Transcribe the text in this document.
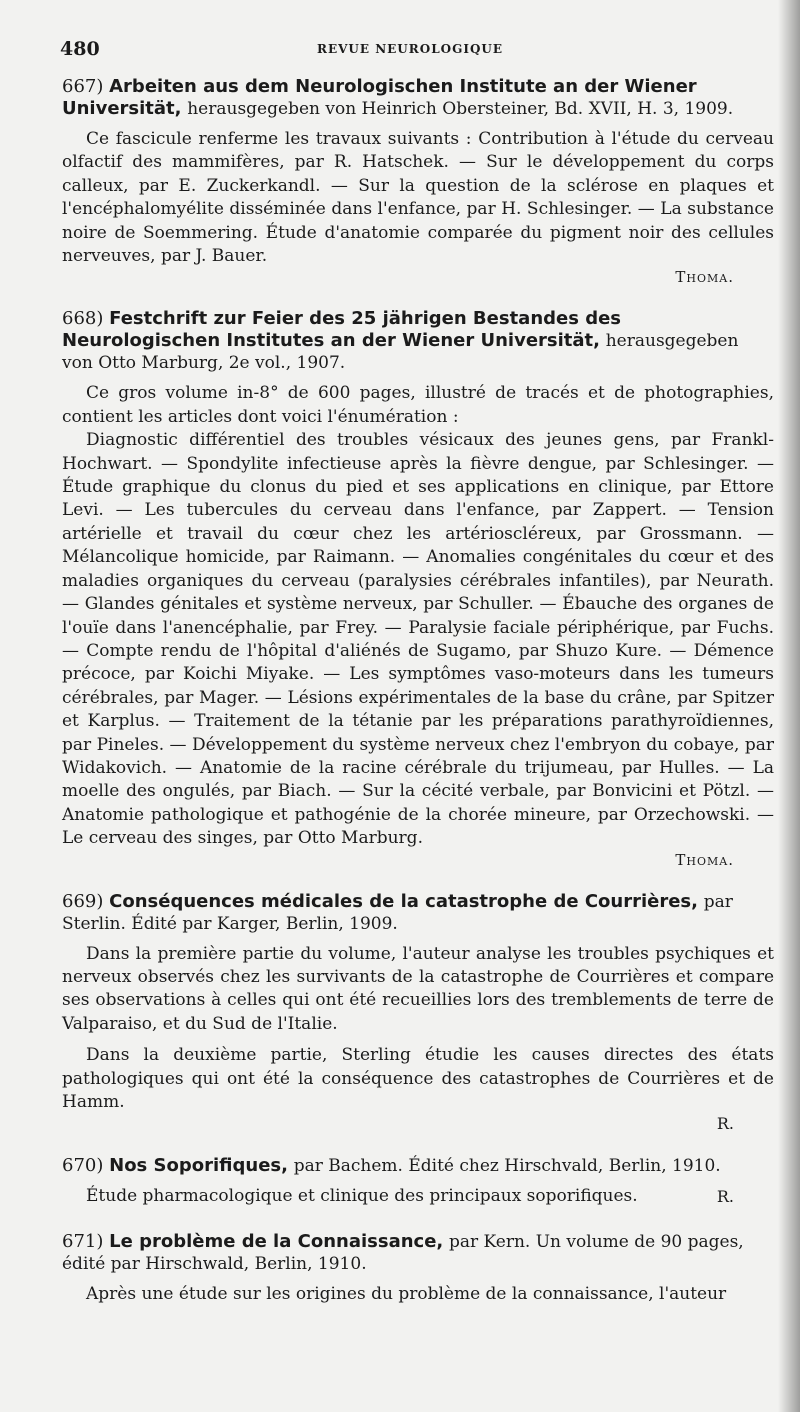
480	REVUE NEUROLOGIQUE
667) Arbeiten aus dem Neurologischen Institute an der Wiener Universität, herausgegeben von Heinrich Obersteiner, Bd. XVII, H. 3, 1909.

Ce fascicule renferme les travaux suivants : Contribution à l'étude du cerveau olfactif des mammifères, par R. Hatschek. — Sur le développement du corps calleux, par E. Zuckerkandl. — Sur la question de la sclérose en plaques et l'encéphalomyélite disséminée dans l'enfance, par H. Schlesinger. — La substance noire de Soemmering. Étude d'anatomie comparée du pigment noir des cellules nerveuves, par J. Bauer.

Thoma.

668) Festchrift zur Feier des 25 jährigen Bestandes des Neurologischen Institutes an der Wiener Universität, herausgegeben von Otto Marburg, 2e vol., 1907.

Ce gros volume in-8° de 600 pages, illustré de tracés et de photographies, contient les articles dont voici l'énumération :

Diagnostic différentiel des troubles vésicaux des jeunes gens, par Frankl-Hochwart. — Spondylite infectieuse après la fièvre dengue, par Schlesinger. — Étude graphique du clonus du pied et ses applications en clinique, par Ettore Levi. — Les tubercules du cerveau dans l'enfance, par Zappert. — Tension artérielle et travail du cœur chez les artérioscléreux, par Grossmann. — Mélancolique homicide, par Raimann. — Anomalies congénitales du cœur et des maladies organiques du cerveau (paralysies cérébrales infantiles), par Neurath. — Glandes génitales et système nerveux, par Schuller. — Ébauche des organes de l'ouïe dans l'anencéphalie, par Frey. — Paralysie faciale périphérique, par Fuchs. — Compte rendu de l'hôpital d'aliénés de Sugamo, par Shuzo Kure. — Démence précoce, par Koichi Miyake. — Les symptômes vaso-moteurs dans les tumeurs cérébrales, par Mager. — Lésions expérimentales de la base du crâne, par Spitzer et Karplus. — Traitement de la tétanie par les préparations parathyroïdiennes, par Pineles. — Développement du système nerveux chez l'embryon du cobaye, par Widakovich. — Anatomie de la racine cérébrale du trijumeau, par Hulles. — La moelle des ongulés, par Biach. — Sur la cécité verbale, par Bonvicini et Pötzl. — Anatomie pathologique et pathogénie de la chorée mineure, par Orzechowski. — Le cerveau des singes, par Otto Marburg.

Thoma.

669) Conséquences médicales de la catastrophe de Courrières, par Sterlin. Édité par Karger, Berlin, 1909.

Dans la première partie du volume, l'auteur analyse les troubles psychiques et nerveux observés chez les survivants de la catastrophe de Courrières et compare ses observations à celles qui ont été recueillies lors des tremblements de terre de Valparaiso, et du Sud de l'Italie.

Dans la deuxième partie, Sterling étudie les causes directes des états pathologiques qui ont été la conséquence des catastrophes de Courrières et de Hamm.

R.

670) Nos Soporifiques, par Bachem. Édité chez Hirschvald, Berlin, 1910.

R.
Étude pharmacologique et clinique des principaux soporifiques.

671) Le problème de la Connaissance, par Kern. Un volume de 90 pages, édité par Hirschwald, Berlin, 1910.

Après une étude sur les origines du problème de la connaissance, l'auteur
